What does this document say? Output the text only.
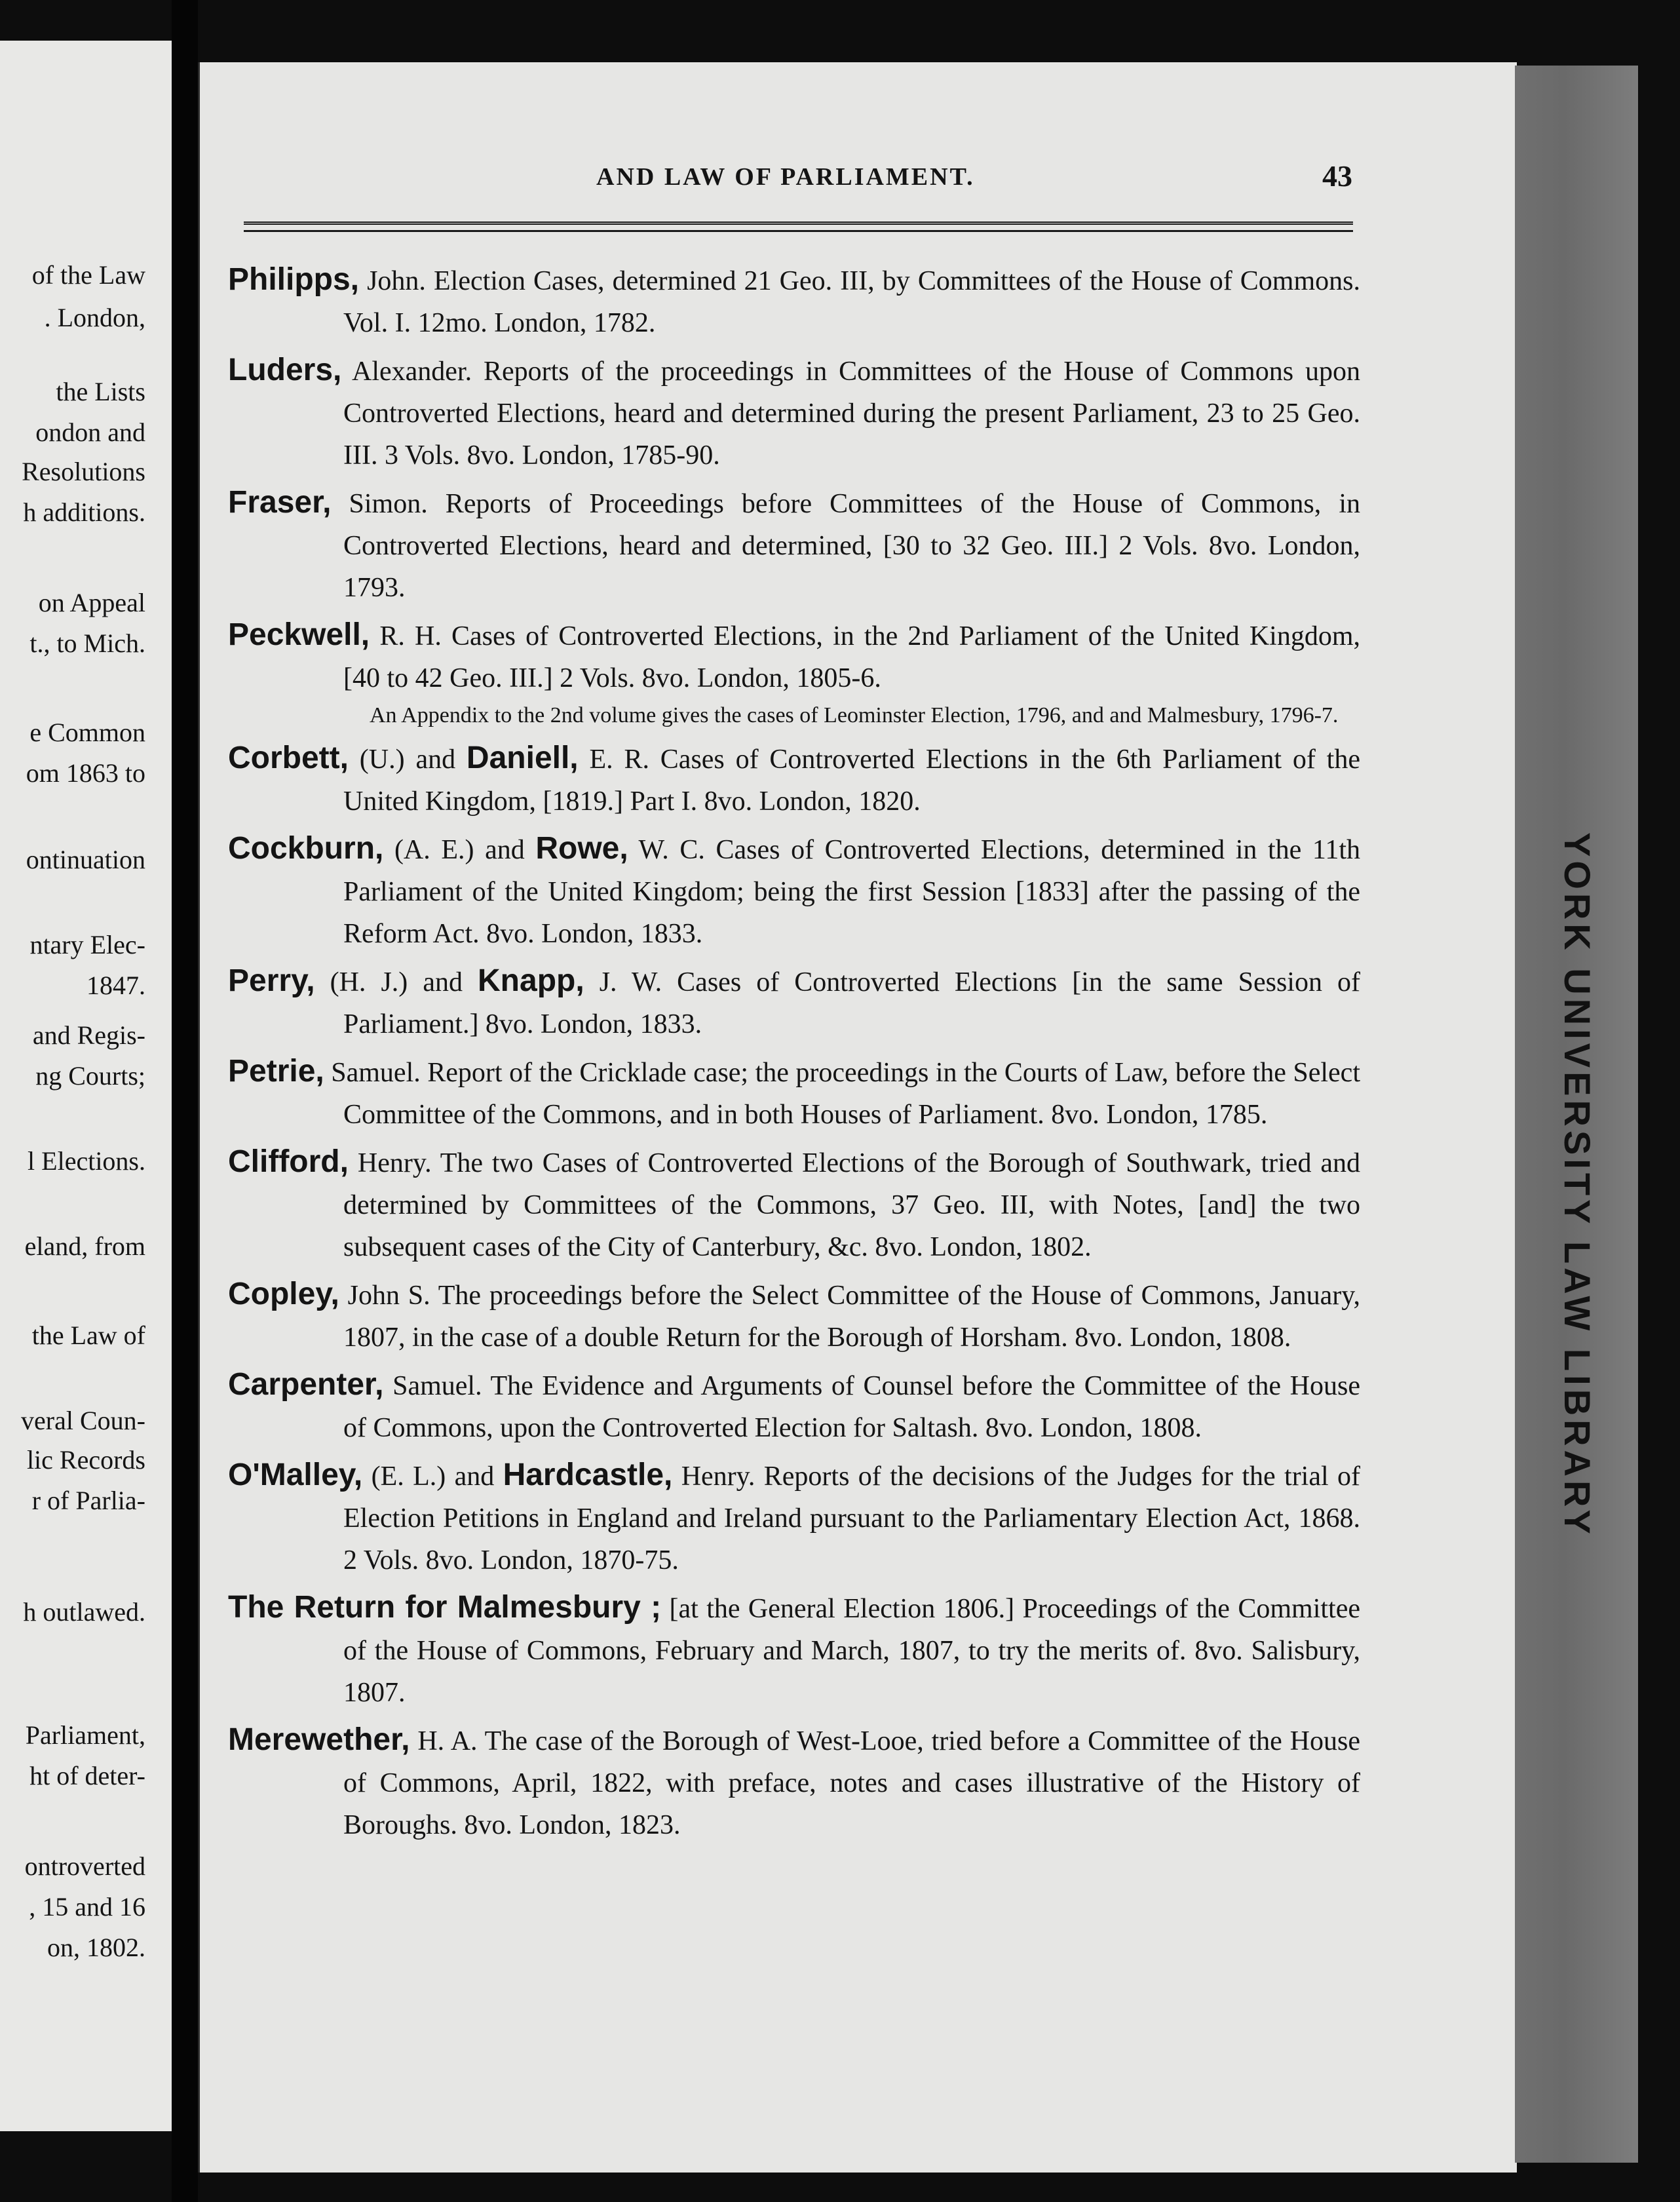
of the Law
. London,
the Lists
ondon and
Resolutions
h additions.
on Appeal
t., to Mich.
e Common
om 1863 to
ontinuation
ntary Elec-
1847.
and Regis-
ng Courts;
l Elections.
eland, from
the Law of
veral Coun-
lic Records
r of Parlia-
h outlawed.
Parliament,
ht of deter-
ontroverted
, 15 and 16
on, 1802.
YORK UNIVERSITY LAW LIBRARY
AND LAW OF PARLIAMENT.	43
Philipps, John. Election Cases, determined 21 Geo. III, by Committees of the House of Commons. Vol. I. 12mo. London, 1782.
Luders, Alexander. Reports of the proceedings in Committees of the House of Commons upon Controverted Elections, heard and determined during the present Parliament, 23 to 25 Geo. III. 3 Vols. 8vo. London, 1785-90.
Fraser, Simon. Reports of Proceedings before Committees of the House of Commons, in Controverted Elections, heard and determined, [30 to 32 Geo. III.] 2 Vols. 8vo. London, 1793.
Peckwell, R. H. Cases of Controverted Elections, in the 2nd Parliament of the United Kingdom, [40 to 42 Geo. III.] 2 Vols. 8vo. London, 1805-6.
An Appendix to the 2nd volume gives the cases of Leominster Election, 1796, and and Malmesbury, 1796-7.
Corbett, (U.) and Daniell, E. R. Cases of Controverted Elections in the 6th Parliament of the United Kingdom, [1819.] Part I. 8vo. London, 1820.
Cockburn, (A. E.) and Rowe, W. C. Cases of Controverted Elections, determined in the 11th Parliament of the United Kingdom; being the first Session [1833] after the passing of the Reform Act. 8vo. London, 1833.
Perry, (H. J.) and Knapp, J. W. Cases of Controverted Elections [in the same Session of Parliament.] 8vo. London, 1833.
Petrie, Samuel. Report of the Cricklade case; the proceedings in the Courts of Law, before the Select Committee of the Commons, and in both Houses of Parliament. 8vo. London, 1785.
Clifford, Henry. The two Cases of Controverted Elections of the Borough of Southwark, tried and determined by Committees of the Commons, 37 Geo. III, with Notes, [and] the two subsequent cases of the City of Canterbury, &c. 8vo. London, 1802.
Copley, John S. The proceedings before the Select Committee of the House of Commons, January, 1807, in the case of a double Return for the Borough of Horsham. 8vo. London, 1808.
Carpenter, Samuel. The Evidence and Arguments of Counsel before the Committee of the House of Commons, upon the Controverted Election for Saltash. 8vo. London, 1808.
O'Malley, (E. L.) and Hardcastle, Henry. Reports of the decisions of the Judges for the trial of Election Petitions in England and Ireland pursuant to the Parliamentary Election Act, 1868. 2 Vols. 8vo. London, 1870-75.
The Return for Malmesbury ; [at the General Election 1806.] Proceedings of the Committee of the House of Commons, February and March, 1807, to try the merits of. 8vo. Salisbury, 1807.
Merewether, H. A. The case of the Borough of West-Looe, tried before a Committee of the House of Commons, April, 1822, with preface, notes and cases illustrative of the History of Boroughs. 8vo. London, 1823.
